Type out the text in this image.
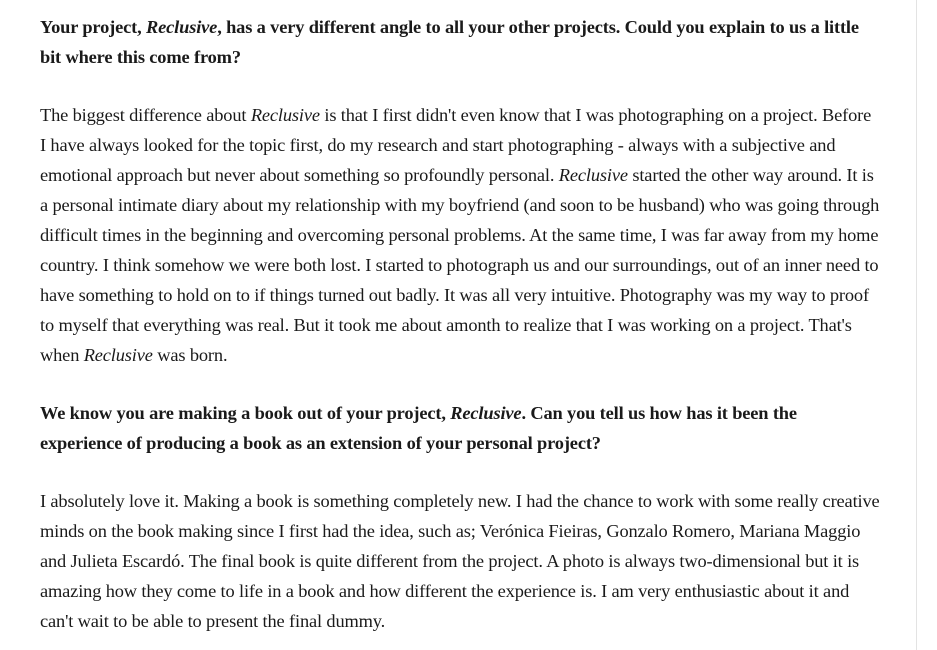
Your project, Reclusive, has a very different angle to all your other projects. Could you explain to us a little bit where this come from?

The biggest difference about Reclusive is that I first didn't even know that I was photographing on a project. Before I have always looked for the topic first, do my research and start photographing - always with a subjective and emotional approach but never about something so profoundly personal. Reclusive started the other way around. It is a personal intimate diary about my relationship with my boyfriend (and soon to be husband) who was going through difficult times in the beginning and overcoming personal problems. At the same time, I was far away from my home country. I think somehow we were both lost. I started to photograph us and our surroundings, out of an inner need to have something to hold on to if things turned out badly. It was all very intuitive. Photography was my way to proof to myself that everything was real. But it took me about amonth to realize that I was working on a project. That's when Reclusive was born.

We know you are making a book out of your project, Reclusive. Can you tell us how has it been the experience of producing a book as an extension of your personal project?

I absolutely love it. Making a book is something completely new. I had the chance to work with some really creative minds on the book making since I first had the idea, such as; Verónica Fieiras, Gonzalo Romero, Mariana Maggio and Julieta Escardó. The final book is quite different from the project. A photo is always two-dimensional but it is amazing how they come to life in a book and how different the experience is. I am very enthusiastic about it and can't wait to be able to present the final dummy.
